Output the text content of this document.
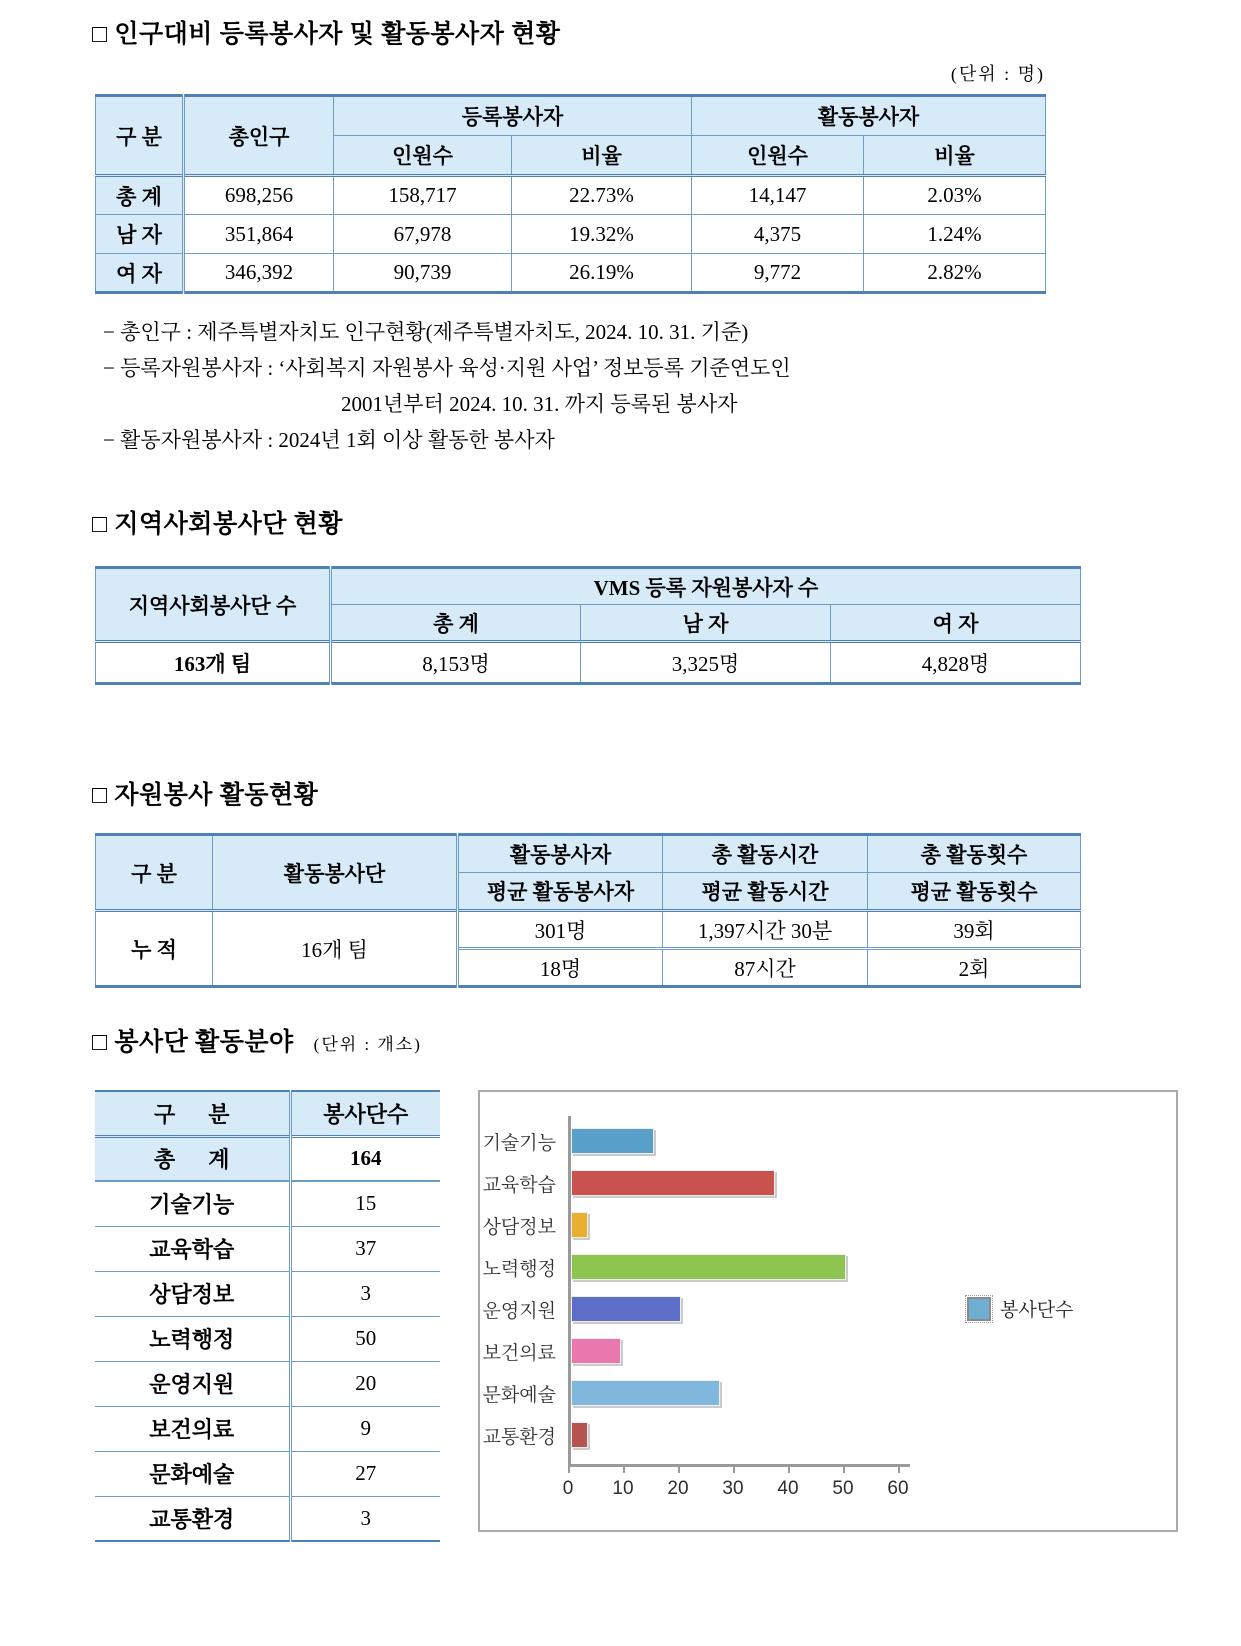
□ 인구대비 등록봉사자 및 활동봉사자 현황
(단위 : 명)
구 분	총인구	등록봉사자		활동봉사자	
		인원수	비율	인원수	비율
총 계	698,256	158,717	22.73%	14,147	2.03%
남 자	351,864	67,978	19.32%	4,375	1.24%
여 자	346,392	90,739	26.19%	9,772	2.82%
− 총인구 : 제주특별자치도 인구현황(제주특별자치도, 2024. 10. 31. 기준)
− 등록자원봉사자 : ‘사회복지 자원봉사 육성·지원 사업’ 정보등록 기준연도인
2001년부터 2024. 10. 31. 까지 등록된 봉사자
− 활동자원봉사자 : 2024년 1회 이상 활동한 봉사자
□ 지역사회봉사단 현황
지역사회봉사단 수	VMS 등록 자원봉사자 수		
	총 계	남 자	여 자
163개 팀	8,153명	3,325명	4,828명
□ 자원봉사 활동현황
구 분	활동봉사단	활동봉사자	총 활동시간	총 활동횟수
		평균 활동봉사자	평균 활동시간	평균 활동횟수
누 적	16개 팀	301명	1,397시간 30분	39회
		18명	87시간	2회
□ 봉사단 활동분야 (단위 : 개소)
구      분	봉사단수
총      계	164
기술기능	15
교육학습	37
상담정보	3
노력행정	50
운영지원	20
보건의료	9
문화예술	27
교통환경	3
기술기능
교육학습
상담정보
노력행정
운영지원
보건의료
문화예술
교통환경
0 10 20 30 40 50 60
봉사단수
